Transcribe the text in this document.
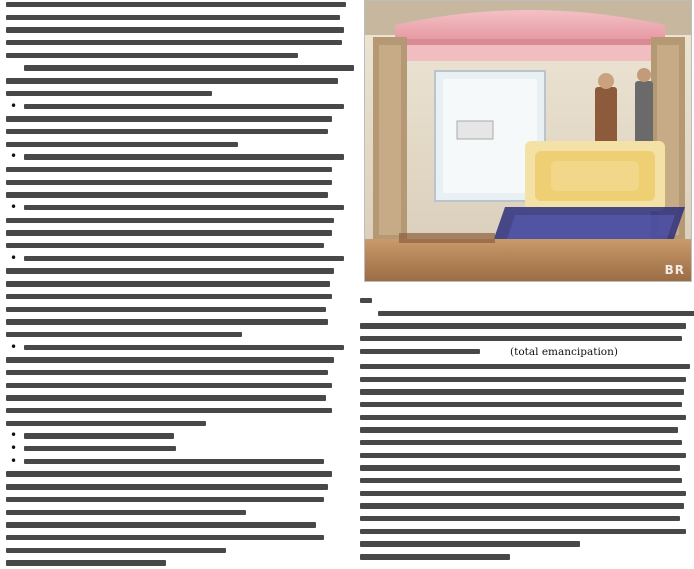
•
•
•
•
•
•
•
•
BR
(total emancipation)
